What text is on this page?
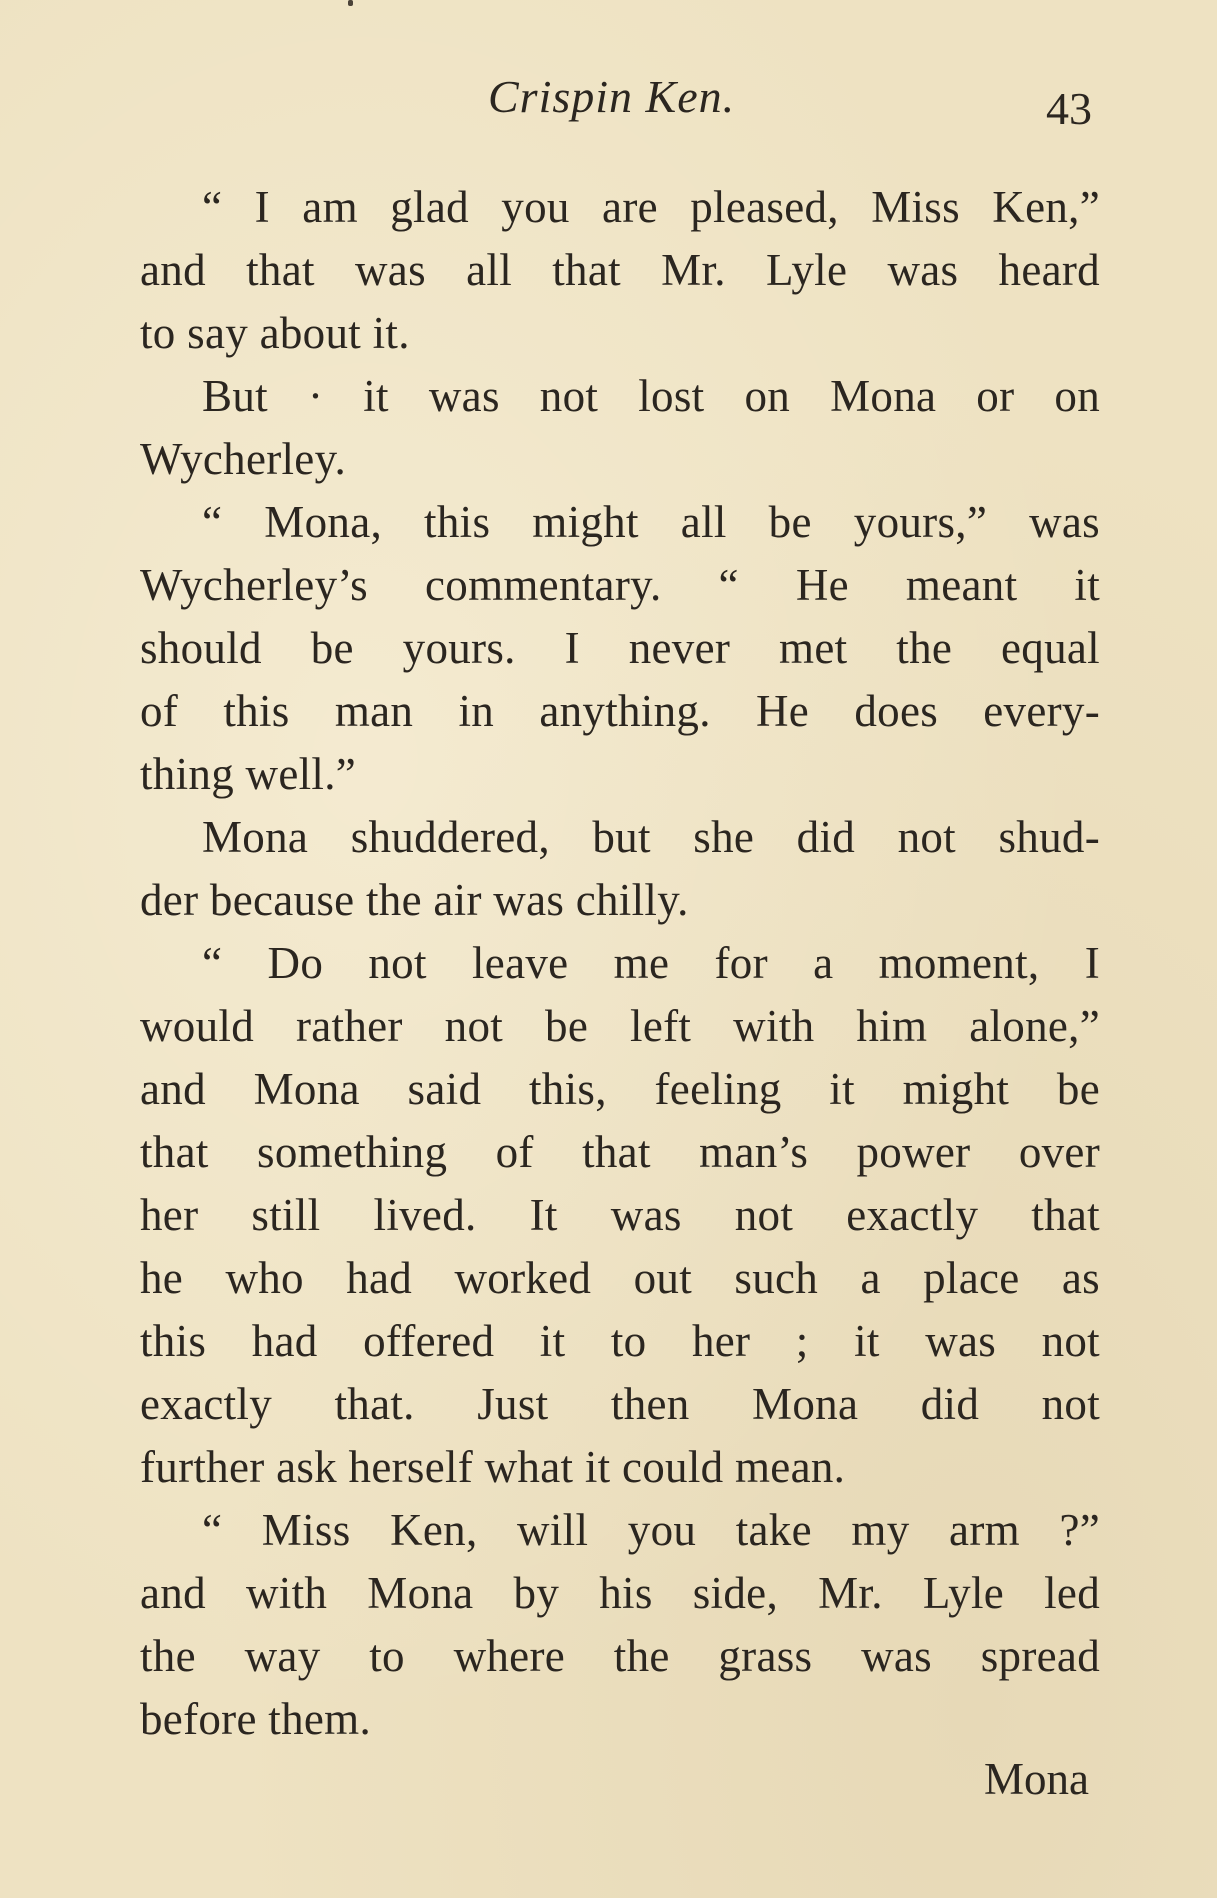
Crispin Ken.	43
“ I am glad you are pleased, Miss Ken,”
and that was all that Mr. Lyle was heard
to say about it.
But · it was not lost on Mona or on
Wycherley.
“ Mona, this might all be yours,” was
Wycherley’s commentary. “ He meant it
should be yours. I never met the equal
of this man in anything. He does every-
thing well.”
Mona shuddered, but she did not shud-
der because the air was chilly.
“ Do not leave me for a moment, I
would rather not be left with him alone,”
and Mona said this, feeling it might be
that something of that man’s power over
her still lived. It was not exactly that
he who had worked out such a place as
this had offered it to her ; it was not
exactly that. Just then Mona did not
further ask herself what it could mean.
“ Miss Ken, will you take my arm ?”
and with Mona by his side, Mr. Lyle led
the way to where the grass was spread
before them.
Mona
